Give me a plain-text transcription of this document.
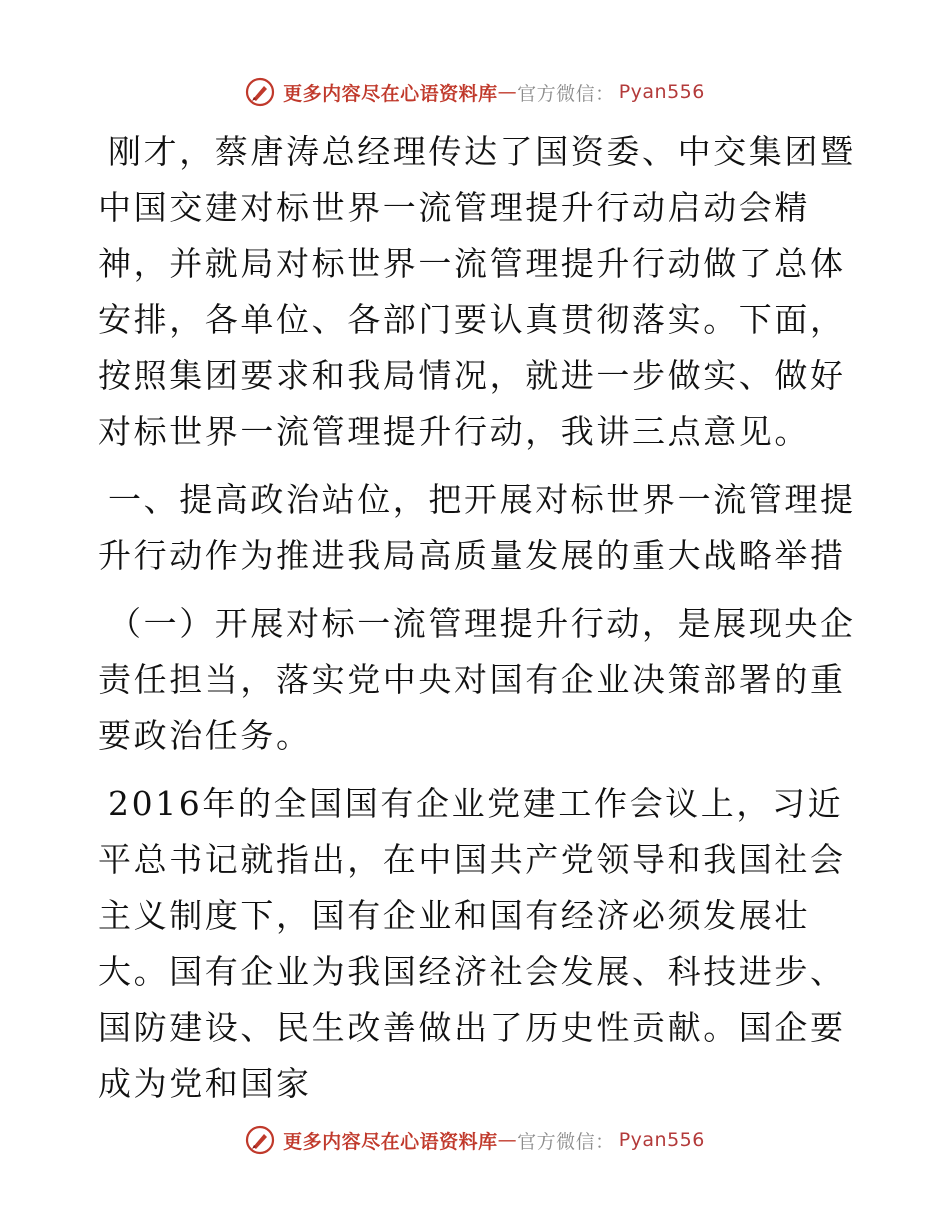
更多内容尽在心语资料库 — 官方微信： Pyan556

刚才，蔡唐涛总经理传达了国资委、中交集团暨中国交建对标世界一流管理提升行动启动会精神，并就局对标世界一流管理提升行动做了总体安排，各单位、各部门要认真贯彻落实。下面，按照集团要求和我局情况，就进一步做实、做好对标世界一流管理提升行动，我讲三点意见。

一、提高政治站位，把开展对标世界一流管理提升行动作为推进我局高质量发展的重大战略举措

（一）开展对标一流管理提升行动，是展现央企责任担当，落实党中央对国有企业决策部署的重要政治任务。

2016年的全国国有企业党建工作会议上，习近平总书记就指出，在中国共产党领导和我国社会主义制度下，国有企业和国有经济必须发展壮大。国有企业为我国经济社会发展、科技进步、国防建设、民生改善做出了历史性贡献。国企要成为党和国家

更多内容尽在心语资料库 — 官方微信： Pyan556
